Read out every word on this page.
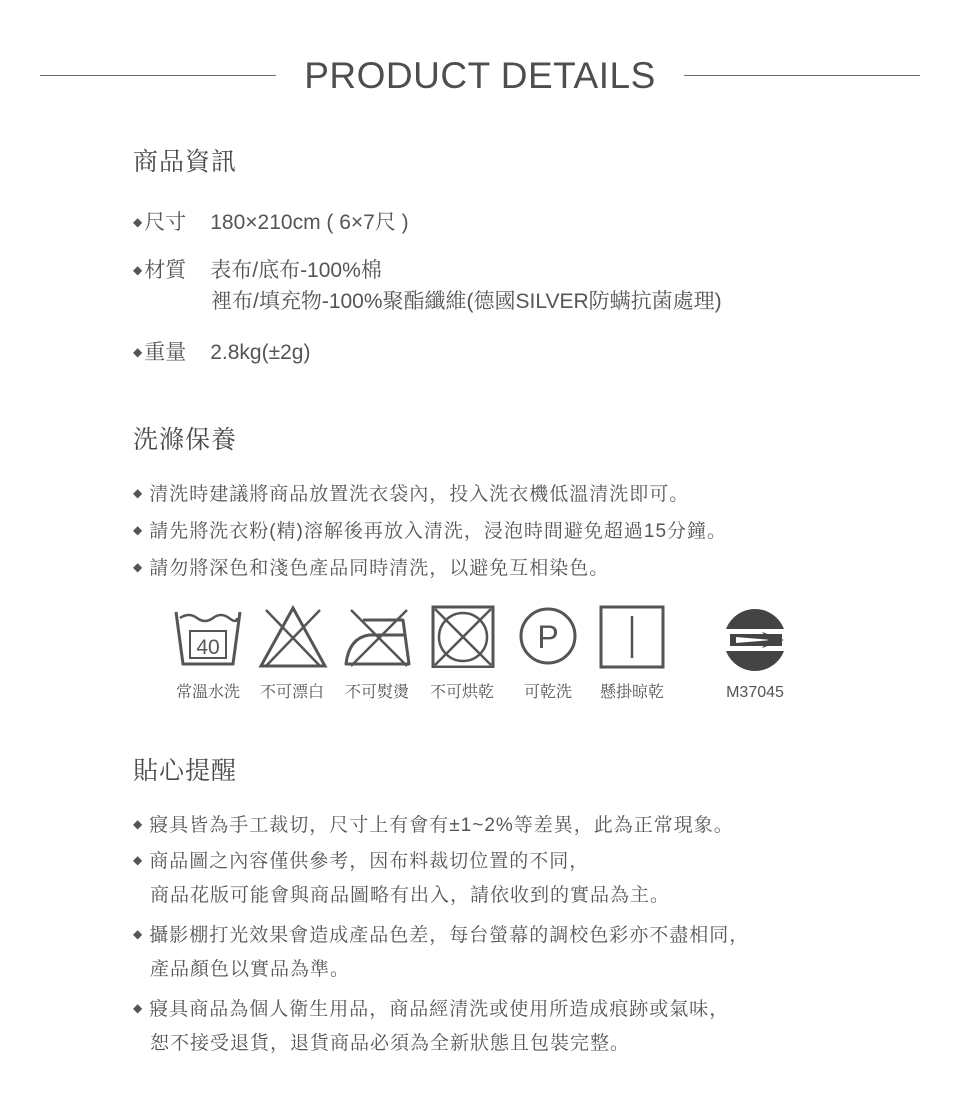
PRODUCT DETAILS
商品資訊
◆尺寸 180×210cm ( 6×7尺 )
◆材質 表布/底布-100%棉
裡布/填充物-100%聚酯纖維(德國SILVER防螨抗菌處理)
◆重量 2.8kg(±2g)
洗滌保養
◆ 清洗時建議將商品放置洗衣袋內，投入洗衣機低溫清洗即可。
◆ 請先將洗衣粉(精)溶解後再放入清洗，浸泡時間避免超過15分鐘。
◆ 請勿將深色和淺色產品同時清洗，以避免互相染色。
40	P
常溫水洗 不可漂白 不可熨燙 不可烘乾 可乾洗 懸掛晾乾	M37045
貼心提醒
◆ 寢具皆為手工裁切，尺寸上有會有±1~2%等差異，此為正常現象。
◆ 商品圖之內容僅供參考，因布料裁切位置的不同，
商品花版可能會與商品圖略有出入，請依收到的實品為主。
◆ 攝影棚打光效果會造成產品色差，每台螢幕的調校色彩亦不盡相同，
產品顏色以實品為準。
◆ 寢具商品為個人衛生用品，商品經清洗或使用所造成痕跡或氣味，
恕不接受退貨，退貨商品必須為全新狀態且包裝完整。
